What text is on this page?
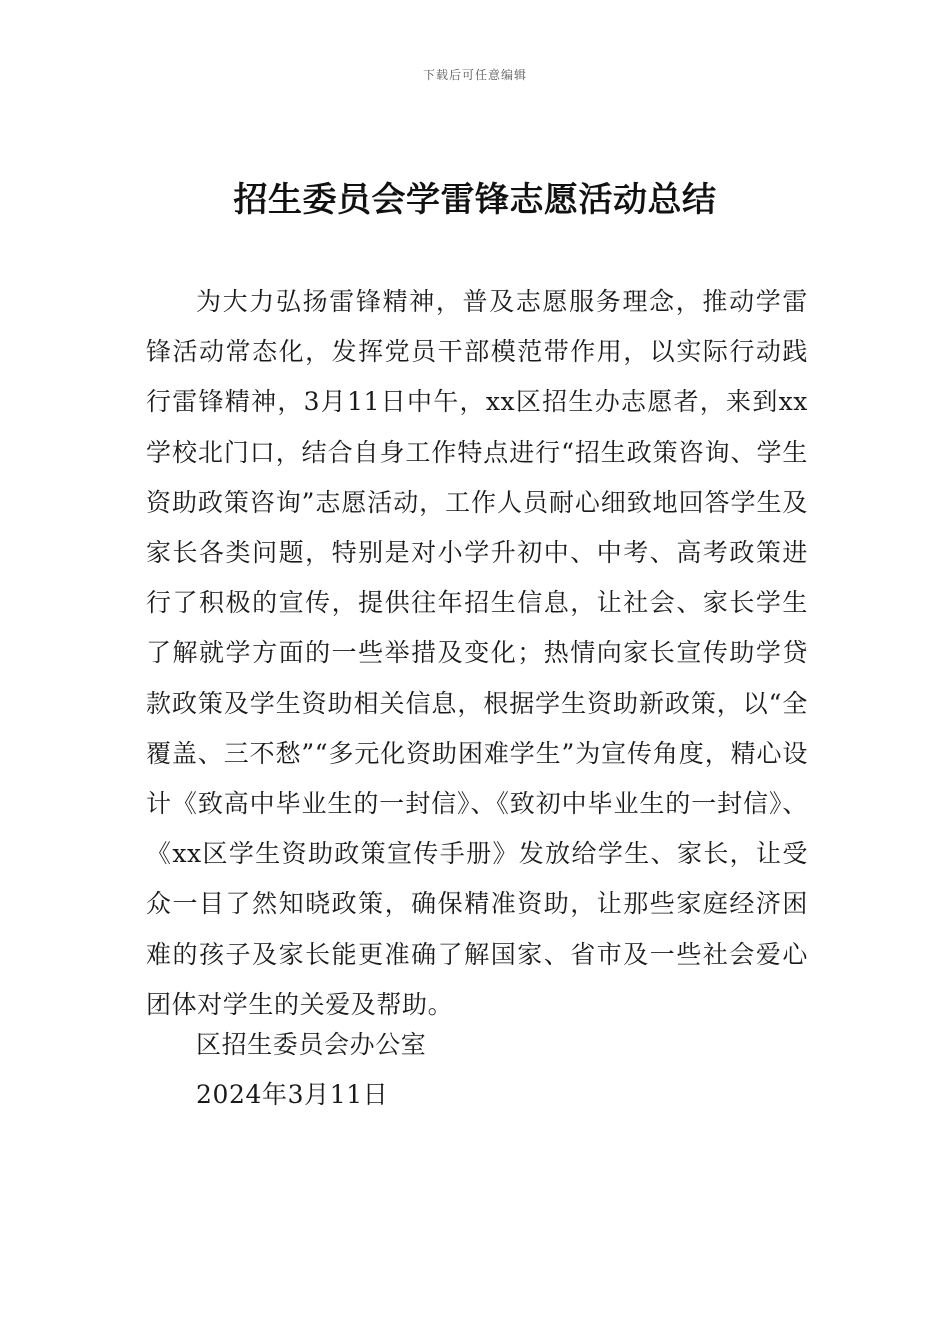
下载后可任意编辑
招生委员会学雷锋志愿活动总结
为大力弘扬雷锋精神，普及志愿服务理念，推动学雷锋活动常态化，发挥党员干部模范带作用，以实际行动践行雷锋精神，3月11日中午，xx区招生办志愿者，来到xx学校北门口，结合自身工作特点进行“招生政策咨询、学生资助政策咨询”志愿活动，工作人员耐心细致地回答学生及家长各类问题，特别是对小学升初中、中考、高考政策进行了积极的宣传，提供往年招生信息，让社会、家长学生了解就学方面的一些举措及变化；热情向家长宣传助学贷款政策及学生资助相关信息，根据学生资助新政策，以“全覆盖、三不愁”“多元化资助困难学生”为宣传角度，精心设计《致高中毕业生的一封信》、《致初中毕业生的一封信》、《xx区学生资助政策宣传手册》发放给学生、家长，让受众一目了然知晓政策，确保精准资助，让那些家庭经济困难的孩子及家长能更准确了解国家、省市及一些社会爱心团体对学生的关爱及帮助。
区招生委员会办公室
2024年3月11日
